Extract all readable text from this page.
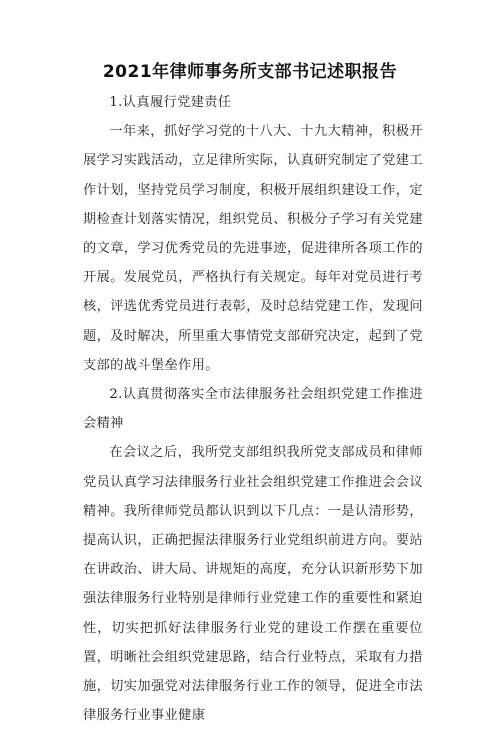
2021年律师事务所支部书记述职报告

1.认真履行党建责任

一年来，抓好学习党的十八大、十九大精神，积极开展学习实践活动，立足律所实际，认真研究制定了党建工作计划，坚持党员学习制度，积极开展组织建设工作，定期检查计划落实情况，组织党员、积极分子学习有关党建的文章，学习优秀党员的先进事迹，促进律所各项工作的开展。发展党员，严格执行有关规定。每年对党员进行考核，评选优秀党员进行表彰，及时总结党建工作，发现问题，及时解决，所里重大事情党支部研究决定，起到了党支部的战斗堡垒作用。

2.认真贯彻落实全市法律服务社会组织党建工作推进会精神

在会议之后，我所党支部组织我所党支部成员和律师党员认真学习法律服务行业社会组织党建工作推进会会议精神。我所律师党员都认识到以下几点：一是认清形势，提高认识，正确把握法律服务行业党组织前进方向。要站在讲政治、讲大局、讲规矩的高度，充分认识新形势下加强法律服务行业特别是律师行业党建工作的重要性和紧迫性，切实把抓好法律服务行业党的建设工作摆在重要位置，明晰社会组织党建思路，结合行业特点，采取有力措施，切实加强党对法律服务行业工作的领导，促进全市法律服务行业事业健康
